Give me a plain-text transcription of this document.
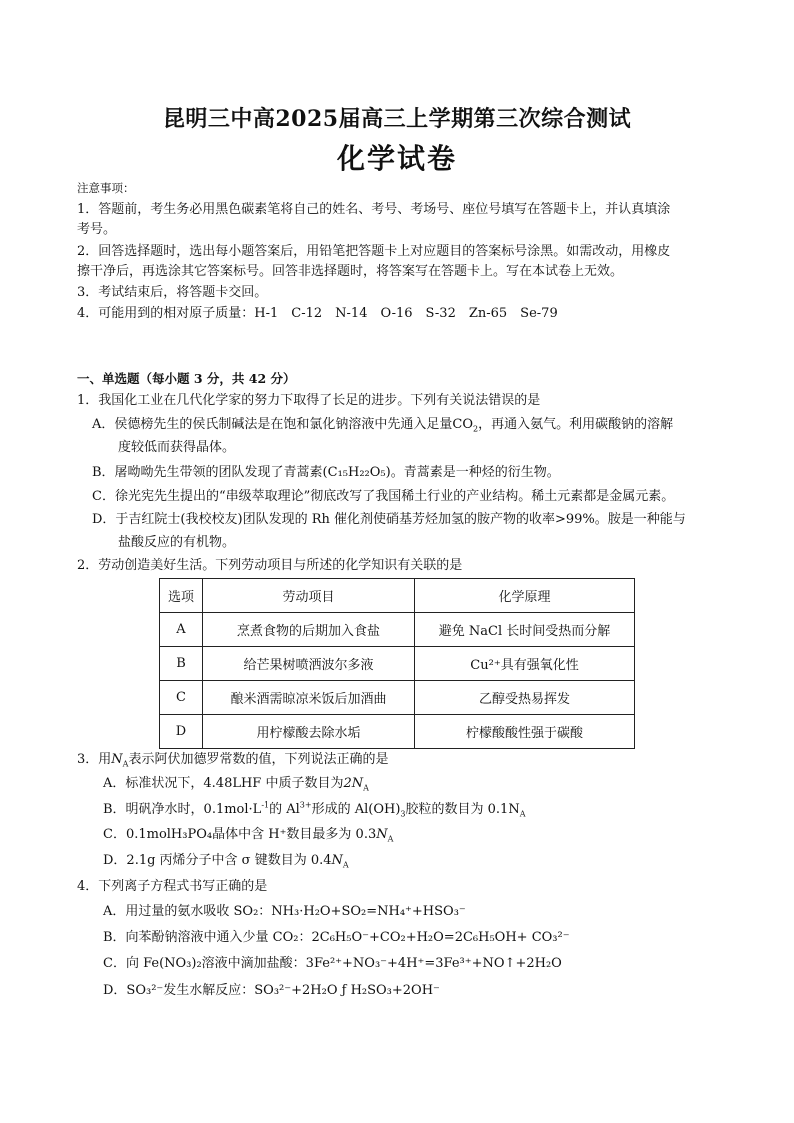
昆明三中高2025届高三上学期第三次综合测试
化学试卷
注意事项：
1．答题前，考生务必用黑色碳素笔将自己的姓名、考号、考场号、座位号填写在答题卡上，并认真填涂
考号。
2．回答选择题时，选出每小题答案后，用铅笔把答题卡上对应题目的答案标号涂黑。如需改动，用橡皮
擦干净后，再选涂其它答案标号。回答非选择题时，将答案写在答题卡上。写在本试卷上无效。
3．考试结束后，将答题卡交回。
4．可能用到的相对原子质量：H-1　C-12　N-14　O-16　S-32　Zn-65　Se-79
一、单选题（每小题 3 分，共 42 分）
1．我国化工业在几代化学家的努力下取得了长足的进步。下列有关说法错误的是
A．侯德榜先生的侯氏制碱法是在饱和氯化钠溶液中先通入足量$CO_2$，再通入氨气。利用碳酸钠的溶解
度较低而获得晶体。
B．屠呦呦先生带领的团队发现了青蒿素(C₁₅H₂₂O₅)。青蒿素是一种烃的衍生物。
C．徐光宪先生提出的“串级萃取理论”彻底改写了我国稀土行业的产业结构。稀土元素都是金属元素。
D．于吉红院士(我校校友)团队发现的 Rh 催化剂使硝基芳烃加氢的胺产物的收率>99%。胺是一种能与
盐酸反应的有机物。
2．劳动创造美好生活。下列劳动项目与所述的化学知识有关联的是
选项	劳动项目	化学原理
A	烹煮食物的后期加入食盐	避免 NaCl 长时间受热而分解
B	给芒果树喷洒波尔多液	Cu²⁺具有强氧化性
C	酿米酒需晾凉米饭后加酒曲	乙醇受热易挥发
D	用柠檬酸去除水垢	柠檬酸酸性强于碳酸
3．用$N_A$表示阿伏加德罗常数的值，下列说法正确的是
A．标准状况下，4.48LHF 中质子数目为$2N_A$
B．明矾净水时，$0.1mol\cdot L^{-1}$的 $Al^{3+}$形成的 $Al(OH)_3$胶粒的数目为 $0.1N_A$
C．0.1molH₃PO₄晶体中含 H⁺数目最多为 $0.3N_A$
D．2.1g 丙烯分子中含 σ 键数目为 $0.4N_A$
4．下列离子方程式书写正确的是
A．用过量的氨水吸收 SO₂：NH₃·H₂O+SO₂=NH₄⁺+HSO₃⁻
B．向苯酚钠溶液中通入少量 CO₂：2C₆H₅O⁻+CO₂+H₂O=2C₆H₅OH+ CO₃²⁻
C．向 Fe(NO₃)₂溶液中滴加盐酸：3Fe²⁺+NO₃⁻+4H⁺=3Fe³⁺+NO↑+2H₂O
D．SO₃²⁻发生水解反应：SO₃²⁻+2H₂O ƒ H₂SO₃+2OH⁻
